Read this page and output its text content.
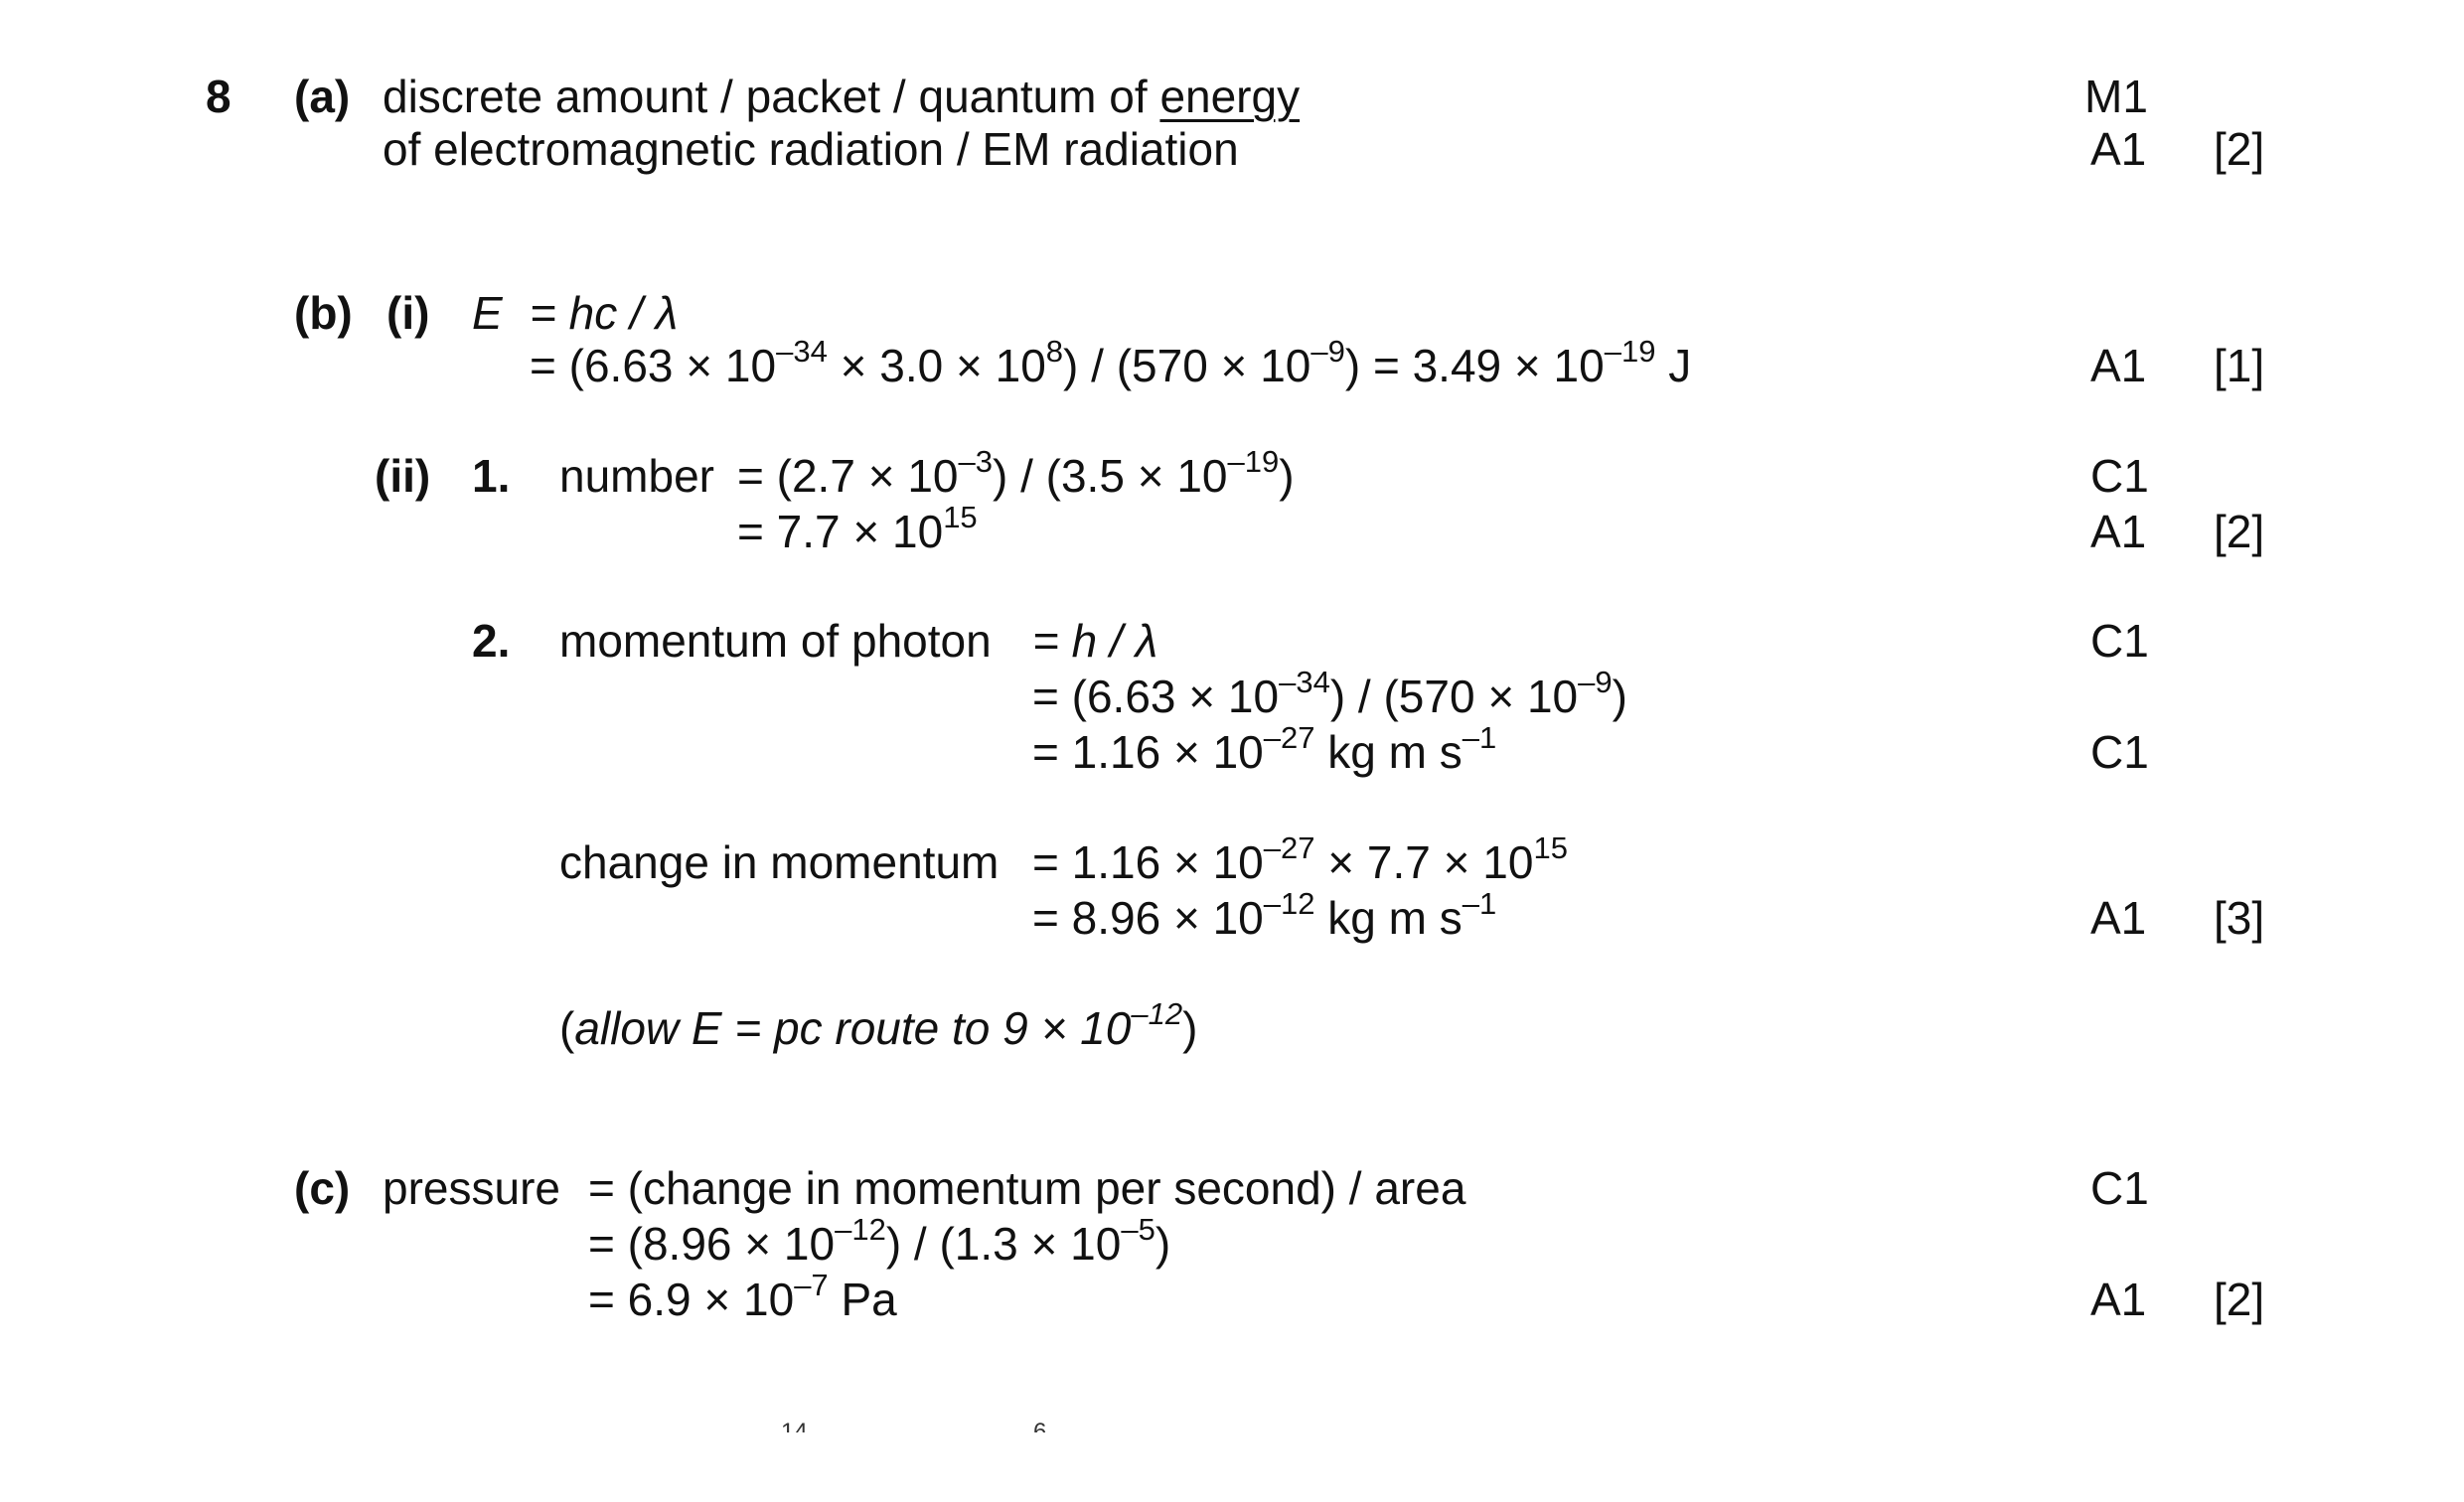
8 (a) discrete amount / packet / quantum of energy
of electromagnetic radiation / EM radiation
M1
A1 [2]
(b) (i) E = hc / λ
= $(6.63 \times 10^{-34} \times 3.0 \times 10^8) / (570 \times 10^{-9}) = 3.49 \times 10^{-19}$ J	A1 [1]
(ii) 1. number = $(2.7 \times 10^{-3}) / (3.5 \times 10^{-19})$
= $7.7 \times 10^{15}$
C1
A1 [2]
2. momentum of photon = h / λ
= $(6.63 \times 10^{-34}) / (570 \times 10^{-9})$
= $1.16 \times 10^{-27}$ kg m $s^{-1}$
C1
C1
change in momentum = $1.16 \times 10^{-27} \times 7.7 \times 10^{15}$
= $8.96 \times 10^{-12}$ kg m $s^{-1}$	A1 [3]
(allow E = pc route to $9 \times 10^{-12}$)
(c) pressure = (change in momentum per second) / area
= $(8.96 \times 10^{-12}) / (1.3 \times 10^{-5})$
= $6.9 \times 10^{-7}$ Pa
C1
A1 [2]
